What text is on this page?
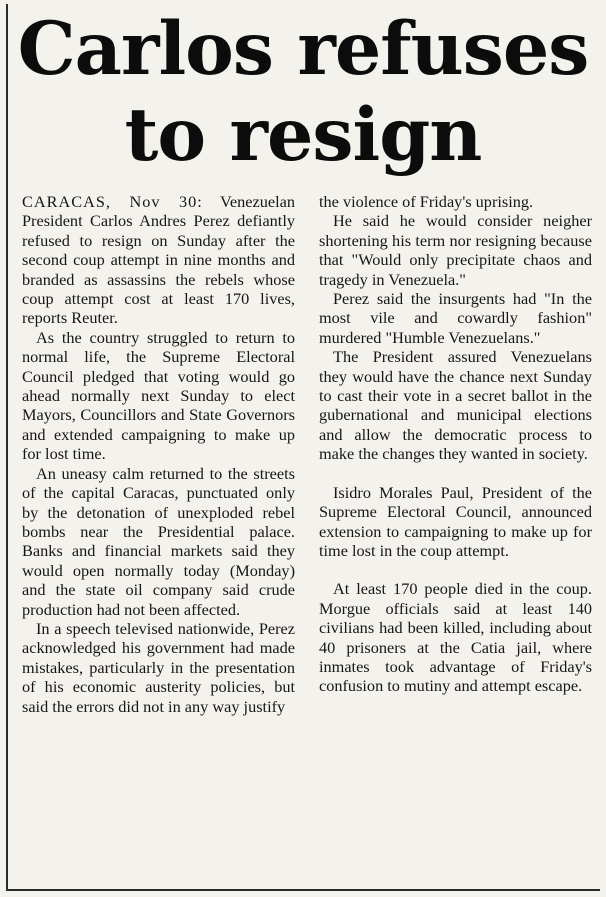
Carlos refuses
to resign

CARACAS, Nov 30: Venezuelan President Carlos Andres Perez defiantly refused to resign on Sunday after the second coup attempt in nine months and branded as assassins the rebels whose coup attempt cost at least 170 lives, reports Reuter.

As the country struggled to return to normal life, the Supreme Electoral Council pledged that voting would go ahead normally next Sunday to elect Mayors, Councillors and State Governors and extended campaigning to make up for lost time.

An uneasy calm returned to the streets of the capital Caracas, punctuated only by the detonation of unexploded rebel bombs near the Presidential palace. Banks and financial markets said they would open normally today (Monday) and the state oil company said crude production had not been affected.

In a speech televised nationwide, Perez acknowledged his government had made mistakes, particularly in the presentation of his economic austerity policies, but said the errors did not in any way justify

the violence of Friday's uprising.

He said he would consider neigher shortening his term nor resigning because that "Would only precipitate chaos and tragedy in Venezuela."

Perez said the insurgents had "In the most vile and cowardly fashion" murdered "Humble Venezuelans."

The President assured Venezuelans they would have the chance next Sunday to cast their vote in a secret ballot in the gubernational and municipal elections and allow the democratic process to make the changes they wanted in society.

Isidro Morales Paul, President of the Supreme Electoral Council, announced extension to campaigning to make up for time lost in the coup attempt.

At least 170 people died in the coup. Morgue officials said at least 140 civilians had been killed, including about 40 prisoners at the Catia jail, where inmates took advantage of Friday's confusion to mutiny and attempt escape.
